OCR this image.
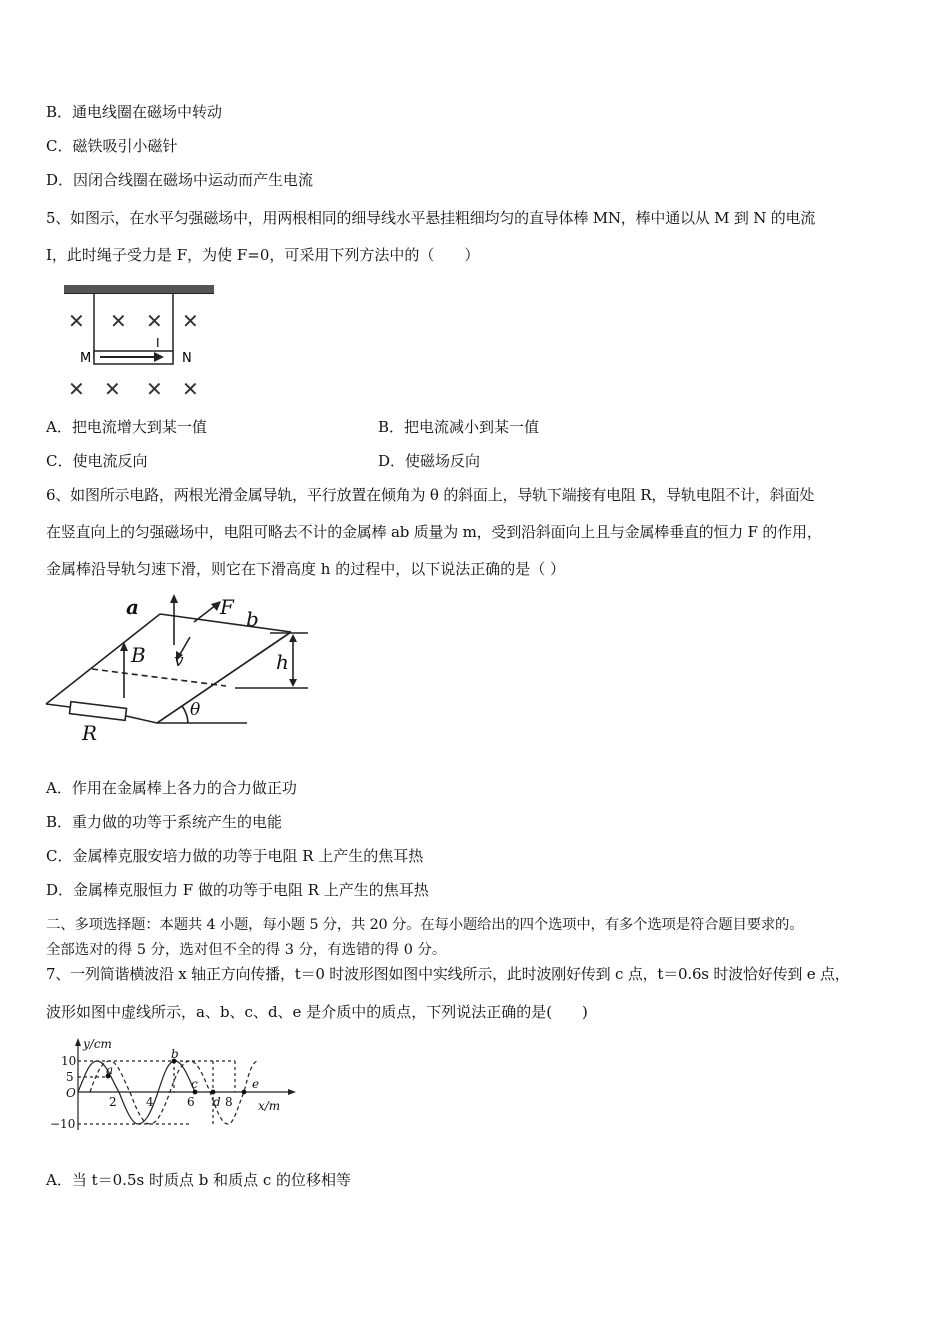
B．通电线圈在磁场中转动
C．磁铁吸引小磁针
D．因闭合线圈在磁场中运动而产生电流
5、如图示，在水平匀强磁场中，用两根相同的细导线水平悬挂粗细均匀的直导体棒 MN，棒中通以从 M 到 N 的电流
I，此时绳子受力是 F，为使 F=0，可采用下列方法中的（　　）
I
M	N
✕ ✕ ✕ ✕
✕ ✕ ✕ ✕
A．把电流增大到某一值	B．把电流减小到某一值
C．使电流反向	D．使磁场反向
6、如图所示电路，两根光滑金属导轨，平行放置在倾角为 θ 的斜面上，导轨下端接有电阻 R，导轨电阻不计，斜面处
在竖直向上的匀强磁场中，电阻可略去不计的金属棒 ab 质量为 m，受到沿斜面向上且与金属棒垂直的恒力 F 的作用，
金属棒沿导轨匀速下滑，则它在下滑高度 h 的过程中，以下说法正确的是（ ）
a	b
F
B v	h
θ
R
A．作用在金属棒上各力的合力做正功
B．重力做的功等于系统产生的电能
C．金属棒克服安培力做的功等于电阻 R 上产生的焦耳热
D．金属棒克服恒力 F 做的功等于电阻 R 上产生的焦耳热
二、多项选择题：本题共 4 小题，每小题 5 分，共 20 分。在每小题给出的四个选项中，有多个选项是符合题目要求的。
全部选对的得 5 分，选对但不全的得 3 分，有选错的得 0 分。
7、一列简谐横波沿 x 轴正方向传播，t＝0 时波形图如图中实线所示，此时波刚好传到 c 点，t＝0.6s 时波恰好传到 e 点，
波形如图中虚线所示，a、b、c、d、e 是介质中的质点，下列说法正确的是(　　)
y/cm
x/m
10
5
−10
O
2 4	6	8
a
b
c
d
e
A．当 t＝0.5s 时质点 b 和质点 c 的位移相等
